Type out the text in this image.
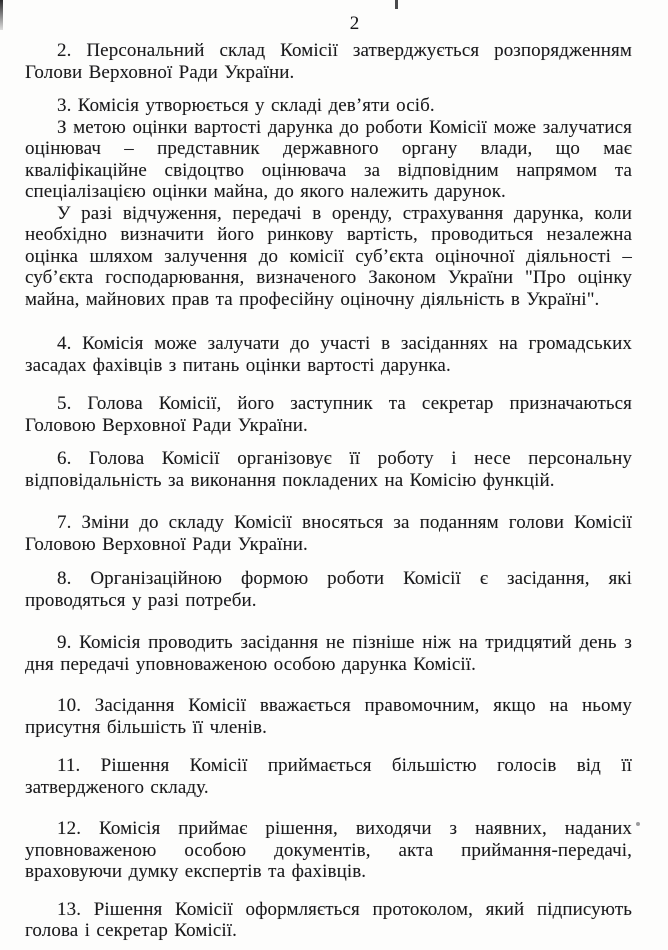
2

2. Персональний склад Комісії затверджується розпорядженням Голови Верховної Ради України.

3. Комісія утворюється у складі дев’яти осіб.

З метою оцінки вартості дарунка до роботи Комісії може залучатися оцінювач – представник державного органу влади, що має кваліфікаційне свідоцтво оцінювача за відповідним напрямом та спеціалізацією оцінки майна, до якого належить дарунок.

У разі відчуження, передачі в оренду, страхування дарунка, коли необхідно визначити його ринкову вартість, проводиться незалежна оцінка шляхом залучення до комісії суб’єкта оціночної діяльності – суб’єкта господарювання, визначеного Законом України "Про оцінку майна, майнових прав та професійну оціночну діяльність в Україні".

4. Комісія може залучати до участі в засіданнях на громадських засадах фахівців з питань оцінки вартості дарунка.

5. Голова Комісії, його заступник та секретар призначаються Головою Верховної Ради України.

6. Голова Комісії організовує її роботу і несе персональну відповідальність за виконання покладених на Комісію функцій.

7. Зміни до складу Комісії вносяться за поданням голови Комісії Головою Верховної Ради України.

8. Організаційною формою роботи Комісії є засідання, які проводяться у разі потреби.

9. Комісія проводить засідання не пізніше ніж на тридцятий день з дня передачі уповноваженою особою дарунка Комісії.

10. Засідання Комісії вважається правомочним, якщо на ньому присутня більшість її членів.

11. Рішення Комісії приймається більшістю голосів від її затвердженого складу.

12. Комісія приймає рішення, виходячи з наявних, наданих уповноваженою особою документів, акта приймання-передачі, враховуючи думку експертів та фахівців.

13. Рішення Комісії оформляється протоколом, який підписують голова і секретар Комісії.
